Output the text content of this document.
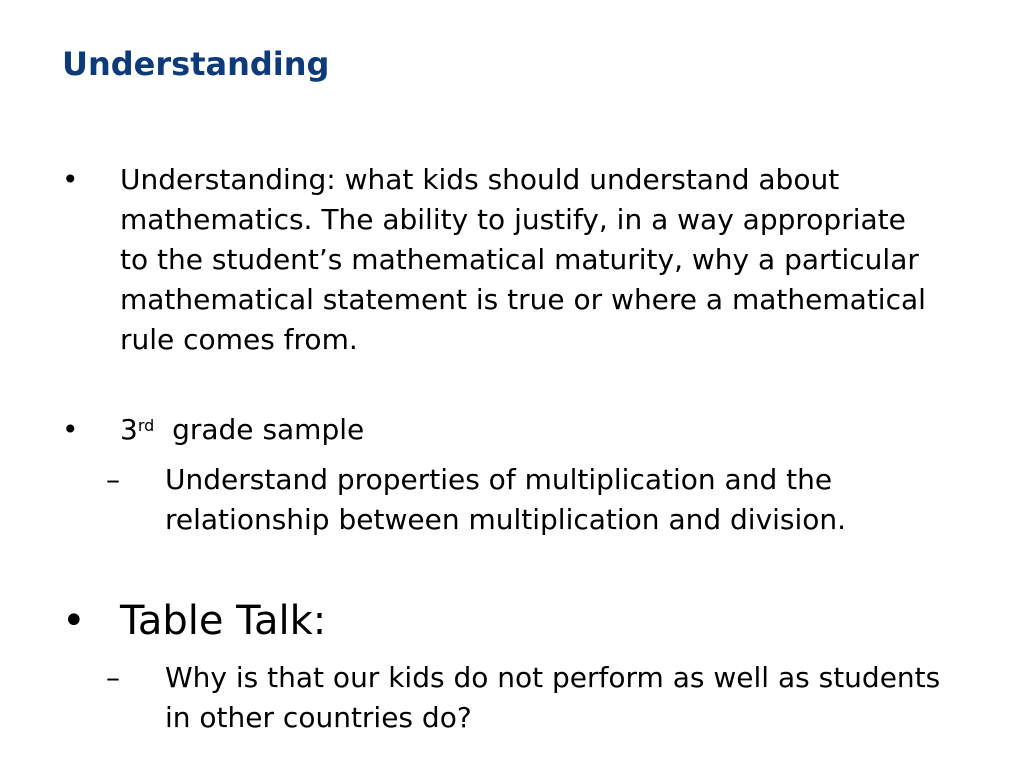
Understanding
• Understanding: what kids should understand about mathematics. The ability to justify, in a way appropriate to the student’s mathematical maturity, why a particular mathematical statement is true or where a mathematical rule comes from.

• 3rd grade sample

– Understand properties of multiplication and the relationship between multiplication and division.

• Table Talk:

– Why is that our kids do not perform as well as students in other countries do?
